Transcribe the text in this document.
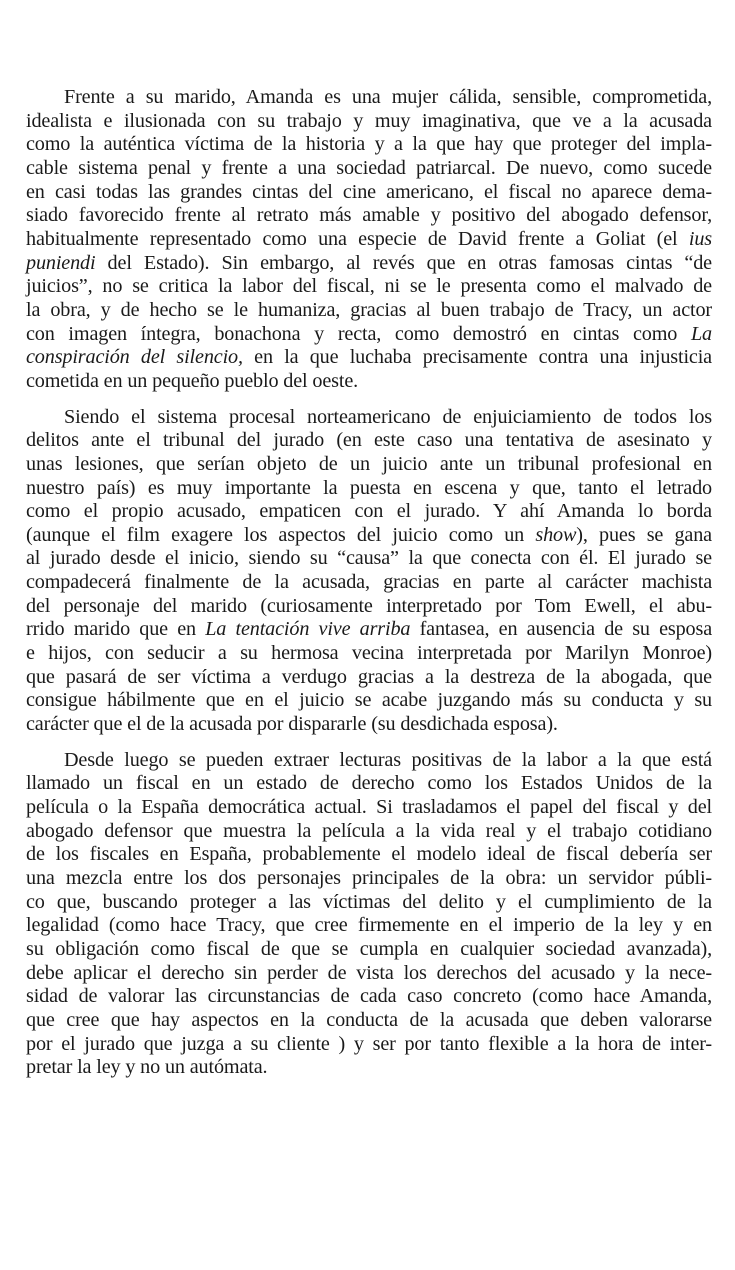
Frente a su marido, Amanda es una mujer cálida, sensible, comprometida,
idealista e ilusionada con su trabajo y muy imaginativa, que ve a la acusada
como la auténtica víctima de la historia y a la que hay que proteger del impla-
cable sistema penal y frente a una sociedad patriarcal. De nuevo, como sucede
en casi todas las grandes cintas del cine americano, el fiscal no aparece dema-
siado favorecido frente al retrato más amable y positivo del abogado defensor,
habitualmente representado como una especie de David frente a Goliat (el ius
puniendi del Estado). Sin embargo, al revés que en otras famosas cintas “de
juicios”, no se critica la labor del fiscal, ni se le presenta como el malvado de
la obra, y de hecho se le humaniza, gracias al buen trabajo de Tracy, un actor
con imagen íntegra, bonachona y recta, como demostró en cintas como La
conspiración del silencio, en la que luchaba precisamente contra una injusticia
cometida en un pequeño pueblo del oeste.

Siendo el sistema procesal norteamericano de enjuiciamiento de todos los
delitos ante el tribunal del jurado (en este caso una tentativa de asesinato y
unas lesiones, que serían objeto de un juicio ante un tribunal profesional en
nuestro país) es muy importante la puesta en escena y que, tanto el letrado
como el propio acusado, empaticen con el jurado. Y ahí Amanda lo borda
(aunque el film exagere los aspectos del juicio como un show), pues se gana
al jurado desde el inicio, siendo su “causa” la que conecta con él. El jurado se
compadecerá finalmente de la acusada, gracias en parte al carácter machista
del personaje del marido (curiosamente interpretado por Tom Ewell, el abu-
rrido marido que en La tentación vive arriba fantasea, en ausencia de su esposa
e hijos, con seducir a su hermosa vecina interpretada por Marilyn Monroe)
que pasará de ser víctima a verdugo gracias a la destreza de la abogada, que
consigue hábilmente que en el juicio se acabe juzgando más su conducta y su
carácter que el de la acusada por dispararle (su desdichada esposa).

Desde luego se pueden extraer lecturas positivas de la labor a la que está
llamado un fiscal en un estado de derecho como los Estados Unidos de la
película o la España democrática actual. Si trasladamos el papel del fiscal y del
abogado defensor que muestra la película a la vida real y el trabajo cotidiano
de los fiscales en España, probablemente el modelo ideal de fiscal debería ser
una mezcla entre los dos personajes principales de la obra: un servidor públi-
co que, buscando proteger a las víctimas del delito y el cumplimiento de la
legalidad (como hace Tracy, que cree firmemente en el imperio de la ley y en
su obligación como fiscal de que se cumpla en cualquier sociedad avanzada),
debe aplicar el derecho sin perder de vista los derechos del acusado y la nece-
sidad de valorar las circunstancias de cada caso concreto (como hace Amanda,
que cree que hay aspectos en la conducta de la acusada que deben valorarse
por el jurado que juzga a su cliente ) y ser por tanto flexible a la hora de inter-
pretar la ley y no un autómata.
